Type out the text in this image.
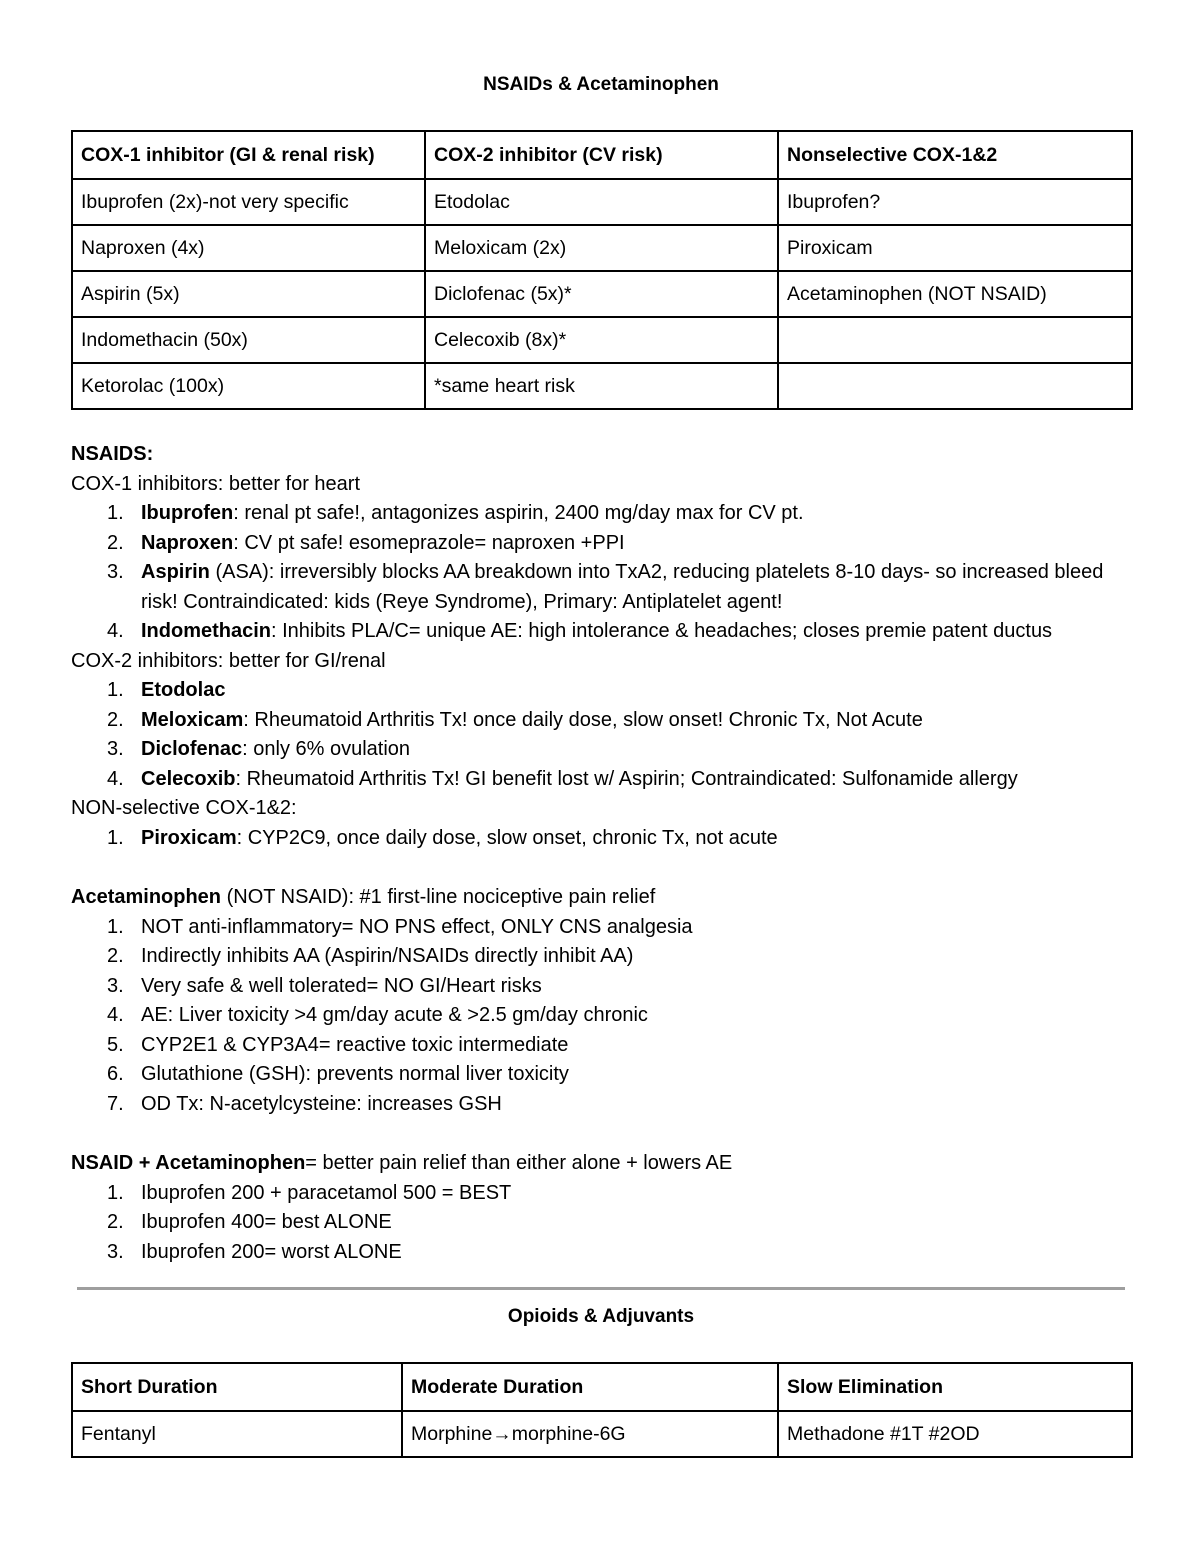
NSAIDs & Acetaminophen
COX-1 inhibitor (GI & renal risk)	COX-2 inhibitor (CV risk)	Nonselective COX-1&2
Ibuprofen (2x)-not very specific	Etodolac	Ibuprofen?
Naproxen (4x)	Meloxicam (2x)	Piroxicam
Aspirin (5x)	Diclofenac (5x)*	Acetaminophen (NOT NSAID)
Indomethacin (50x)	Celecoxib (8x)*	
Ketorolac (100x)	*same heart risk	

NSAIDS:

COX-1 inhibitors: better for heart

1. Ibuprofen: renal pt safe!, antagonizes aspirin, 2400 mg/day max for CV pt.
2. Naproxen: CV pt safe! esomeprazole= naproxen +PPI
3. Aspirin (ASA): irreversibly blocks AA breakdown into TxA2, reducing platelets 8-10 days- so increased bleed risk! Contraindicated: kids (Reye Syndrome), Primary: Antiplatelet agent!
4. Indomethacin: Inhibits PLA/C= unique AE: high intolerance & headaches; closes premie patent ductus

COX-2 inhibitors: better for GI/renal

1. Etodolac
2. Meloxicam: Rheumatoid Arthritis Tx! once daily dose, slow onset! Chronic Tx, Not Acute
3. Diclofenac: only 6% ovulation
4. Celecoxib: Rheumatoid Arthritis Tx! GI benefit lost w/ Aspirin; Contraindicated: Sulfonamide allergy

NON-selective COX-1&2:

1. Piroxicam: CYP2C9, once daily dose, slow onset, chronic Tx, not acute

Acetaminophen (NOT NSAID): #1 first-line nociceptive pain relief

1. NOT anti-inflammatory= NO PNS effect, ONLY CNS analgesia
2. Indirectly inhibits AA (Aspirin/NSAIDs directly inhibit AA)
3. Very safe & well tolerated= NO GI/Heart risks
4. AE: Liver toxicity >4 gm/day acute & >2.5 gm/day chronic
5. CYP2E1 & CYP3A4= reactive toxic intermediate
6. Glutathione (GSH): prevents normal liver toxicity
7. OD Tx: N-acetylcysteine: increases GSH

NSAID + Acetaminophen= better pain relief than either alone + lowers AE

1. Ibuprofen 200 + paracetamol 500 = BEST
2. Ibuprofen 400= best ALONE
3. Ibuprofen 200= worst ALONE
Opioids & Adjuvants
Short Duration	Moderate Duration	Slow Elimination
Fentanyl	Morphine→morphine-6G	Methadone #1T #2OD
